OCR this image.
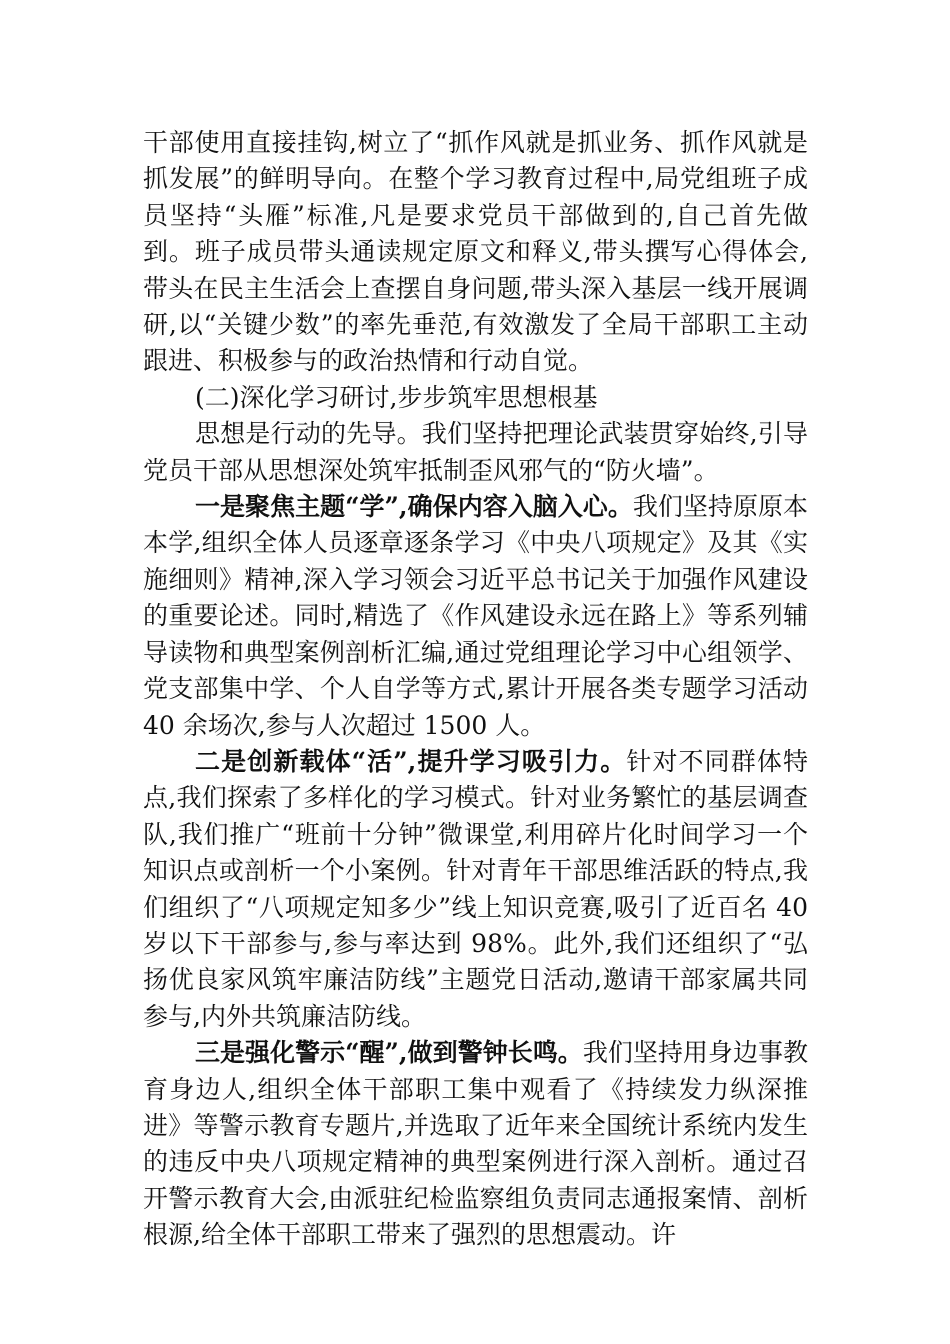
干部使用直接挂钩,树立了“抓作风就是抓业务、抓作风就是抓发展”的鲜明导向。在整个学习教育过程中,局党组班子成员坚持“头雁”标准,凡是要求党员干部做到的,自己首先做到。班子成员带头通读规定原文和释义,带头撰写心得体会,带头在民主生活会上查摆自身问题,带头深入基层一线开展调研,以“关键少数”的率先垂范,有效激发了全局干部职工主动跟进、积极参与的政治热情和行动自觉。

(二)深化学习研讨,步步筑牢思想根基

思想是行动的先导。我们坚持把理论武装贯穿始终,引导党员干部从思想深处筑牢抵制歪风邪气的“防火墙”。

一是聚焦主题“学”,确保内容入脑入心。我们坚持原原本本学,组织全体人员逐章逐条学习《中央八项规定》及其《实施细则》精神,深入学习领会习近平总书记关于加强作风建设的重要论述。同时,精选了《作风建设永远在路上》等系列辅导读物和典型案例剖析汇编,通过党组理论学习中心组领学、党支部集中学、个人自学等方式,累计开展各类专题学习活动 40 余场次,参与人次超过 1500 人。

二是创新载体“活”,提升学习吸引力。针对不同群体特点,我们探索了多样化的学习模式。针对业务繁忙的基层调查队,我们推广“班前十分钟”微课堂,利用碎片化时间学习一个知识点或剖析一个小案例。针对青年干部思维活跃的特点,我们组织了“八项规定知多少”线上知识竞赛,吸引了近百名 40 岁以下干部参与,参与率达到 98%。此外,我们还组织了“弘扬优良家风筑牢廉洁防线”主题党日活动,邀请干部家属共同参与,内外共筑廉洁防线。

三是强化警示“醒”,做到警钟长鸣。我们坚持用身边事教育身边人,组织全体干部职工集中观看了《持续发力纵深推进》等警示教育专题片,并选取了近年来全国统计系统内发生的违反中央八项规定精神的典型案例进行深入剖析。通过召开警示教育大会,由派驻纪检监察组负责同志通报案情、剖析根源,给全体干部职工带来了强烈的思想震动。许
